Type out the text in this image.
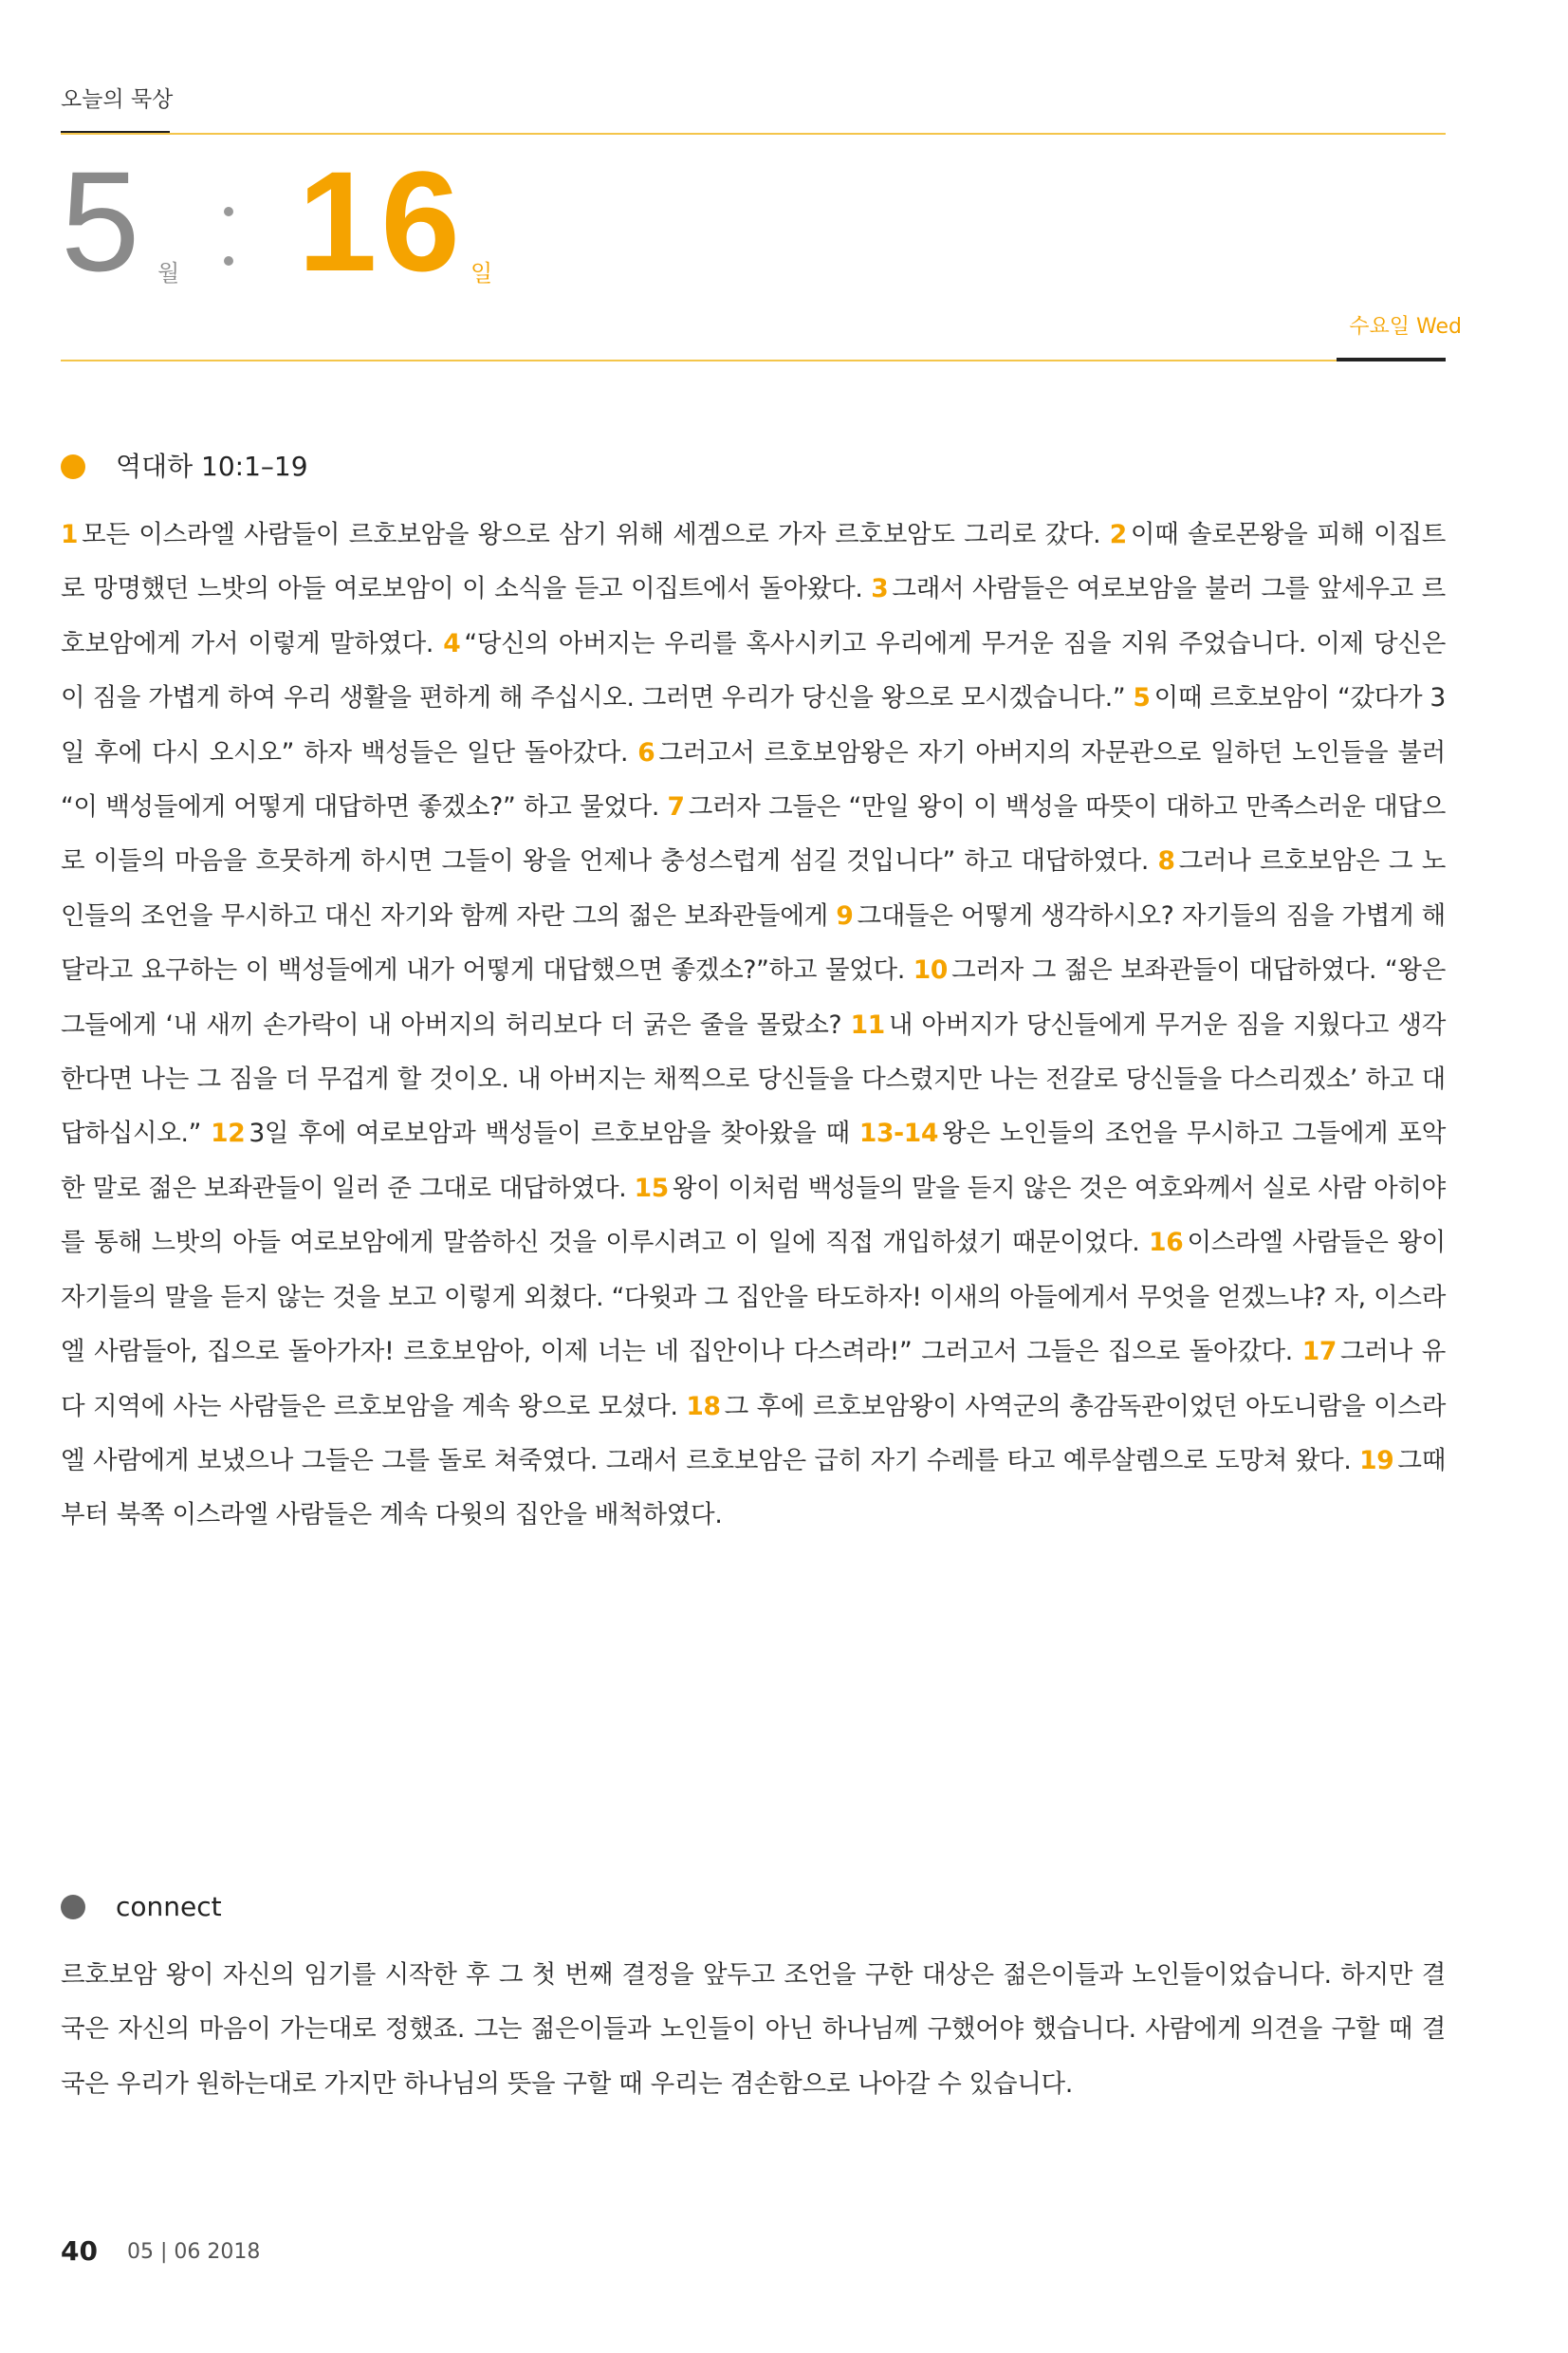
오늘의 묵상
5 월 16 일
수요일 Wed
역대하 10:1–19
1 모든 이스라엘 사람들이 르호보암을 왕으로 삼기 위해 세겜으로 가자 르호보암도 그리로 갔다. 2 이때 솔로몬왕을 피해 이집트로 망명했던 느밧의 아들 여로보암이 이 소식을 듣고 이집트에서 돌아왔다. 3 그래서 사람들은 여로보암을 불러 그를 앞세우고 르호보암에게 가서 이렇게 말하였다. 4 “당신의 아버지는 우리를 혹사시키고 우리에게 무거운 짐을 지워 주었습니다. 이제 당신은 이 짐을 가볍게 하여 우리 생활을 편하게 해 주십시오. 그러면 우리가 당신을 왕으로 모시겠습니다.” 5 이때 르호보암이 “갔다가 3일 후에 다시 오시오” 하자 백성들은 일단 돌아갔다. 6 그러고서 르호보암왕은 자기 아버지의 자문관으로 일하던 노인들을 불러 “이 백성들에게 어떻게 대답하면 좋겠소?” 하고 물었다. 7 그러자 그들은 “만일 왕이 이 백성을 따뜻이 대하고 만족스러운 대답으로 이들의 마음을 흐뭇하게 하시면 그들이 왕을 언제나 충성스럽게 섬길 것입니다” 하고 대답하였다. 8 그러나 르호보암은 그 노인들의 조언을 무시하고 대신 자기와 함께 자란 그의 젊은 보좌관들에게 9 그대들은 어떻게 생각하시오? 자기들의 짐을 가볍게 해 달라고 요구하는 이 백성들에게 내가 어떻게 대답했으면 좋겠소?”하고 물었다. 10 그러자 그 젊은 보좌관들이 대답하였다. “왕은 그들에게 ‘내 새끼 손가락이 내 아버지의 허리보다 더 굵은 줄을 몰랐소? 11 내 아버지가 당신들에게 무거운 짐을 지웠다고 생각한다면 나는 그 짐을 더 무겁게 할 것이오. 내 아버지는 채찍으로 당신들을 다스렸지만 나는 전갈로 당신들을 다스리겠소’ 하고 대답하십시오.” 12 3일 후에 여로보암과 백성들이 르호보암을 찾아왔을 때 13-14 왕은 노인들의 조언을 무시하고 그들에게 포악한 말로 젊은 보좌관들이 일러 준 그대로 대답하였다. 15 왕이 이처럼 백성들의 말을 듣지 않은 것은 여호와께서 실로 사람 아히야를 통해 느밧의 아들 여로보암에게 말씀하신 것을 이루시려고 이 일에 직접 개입하셨기 때문이었다. 16 이스라엘 사람들은 왕이 자기들의 말을 듣지 않는 것을 보고 이렇게 외쳤다. “다윗과 그 집안을 타도하자! 이새의 아들에게서 무엇을 얻겠느냐? 자, 이스라엘 사람들아, 집으로 돌아가자! 르호보암아, 이제 너는 네 집안이나 다스려라!” 그러고서 그들은 집으로 돌아갔다. 17 그러나 유다 지역에 사는 사람들은 르호보암을 계속 왕으로 모셨다. 18 그 후에 르호보암왕이 사역군의 총감독관이었던 아도니람을 이스라엘 사람에게 보냈으나 그들은 그를 돌로 쳐죽였다. 그래서 르호보암은 급히 자기 수레를 타고 예루살렘으로 도망쳐 왔다. 19 그때부터 북쪽 이스라엘 사람들은 계속 다윗의 집안을 배척하였다.
connect
르호보암 왕이 자신의 임기를 시작한 후 그 첫 번째 결정을 앞두고 조언을 구한 대상은 젊은이들과 노인들이었습니다. 하지만 결국은 자신의 마음이 가는대로 정했죠. 그는 젊은이들과 노인들이 아닌 하나님께 구했어야 했습니다. 사람에게 의견을 구할 때 결국은 우리가 원하는대로 가지만 하나님의 뜻을 구할 때 우리는 겸손함으로 나아갈 수 있습니다.
40 05 | 06 2018
